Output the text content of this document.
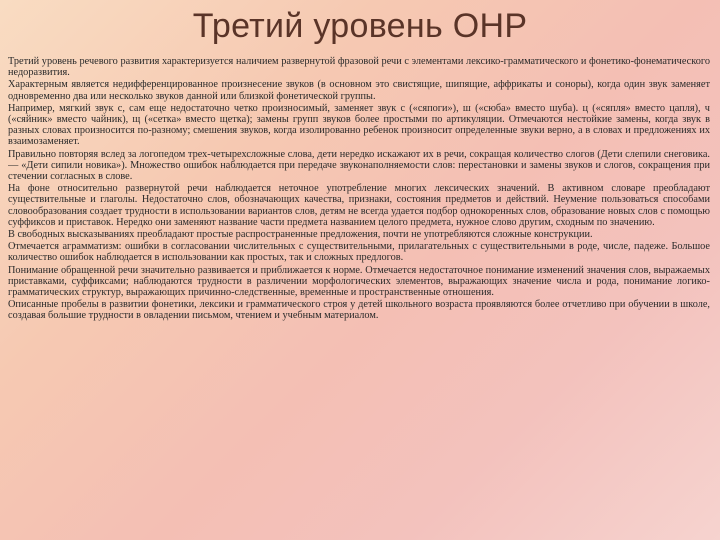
Третий уровень ОНР

Третий уровень речевого развития характеризуется наличием развернутой фразовой речи с элементами лексико-грамматического и фонетико-фонематического недоразвития.

Характерным является недифференцированное произнесение звуков (в основном это свистящие, шипящие, аффрикаты и соноры), когда один звук заменяет одновременно два или несколько звуков данной или близкой фонетической группы.

Например, мягкий звук с, сам еще недостаточно четко произносимый, заменяет звук с («сяпоги»), ш («сюба» вместо шуба). ц («сяпля» вместо цапля), ч («сяйник» вместо чайник), щ («сетка» вместо щетка); замены групп звуков более простыми по артикуляции. Отмечаются нестойкие замены, когда звук в разных словах произносится по-разному; смешения звуков, когда изолированно ребенок произносит определенные звуки верно, а в словах и предложениях их взаимозаменяет.

Правильно повторяя вслед за логопедом трех-четырехсложные слова, дети нередко искажают их в речи, сокращая количество слогов (Дети слепили снеговика. — «Дети сипили новика»). Множество ошибок наблюдается при передаче звуконаполняемости слов: перестановки и замены звуков и слогов, сокращения при стечении согласных в слове.

На фоне относительно развернутой речи наблюдается неточное употребление многих лексических значений. В активном словаре преобладают существительные и глаголы. Недостаточно слов, обозначающих качества, признаки, состояния предметов и действий. Неумение пользоваться способами словообразования создает трудности в использовании вариантов слов, детям не всегда удается подбор однокоренных слов, образование новых слов с помощью суффиксов и приставок. Нередко они заменяют название части предмета названием целого предмета, нужное слово другим, сходным по значению.

В свободных высказываниях преобладают простые распространенные предложения, почти не употребляются сложные конструкции.

Отмечается аграмматизм: ошибки в согласовании числительных с существительными, прилагательных с существительными в роде, числе, падеже. Большое количество ошибок наблюдается в использовании как простых, так и сложных предлогов.

Понимание обращенной речи значительно развивается и приближается к норме. Отмечается недостаточное понимание изменений значения слов, выражаемых приставками, суффиксами; наблюдаются трудности в различении морфологических элементов, выражающих значение числа и рода, понимание логико-грамматических структур, выражающих причинно-следственные, временные и пространственные отношения.

Описанные пробелы в развитии фонетики, лексики и грамматического строя у детей школьного возраста проявляются более отчетливо при обучении в школе, создавая большие трудности в овладении письмом, чтением и учебным материалом.
